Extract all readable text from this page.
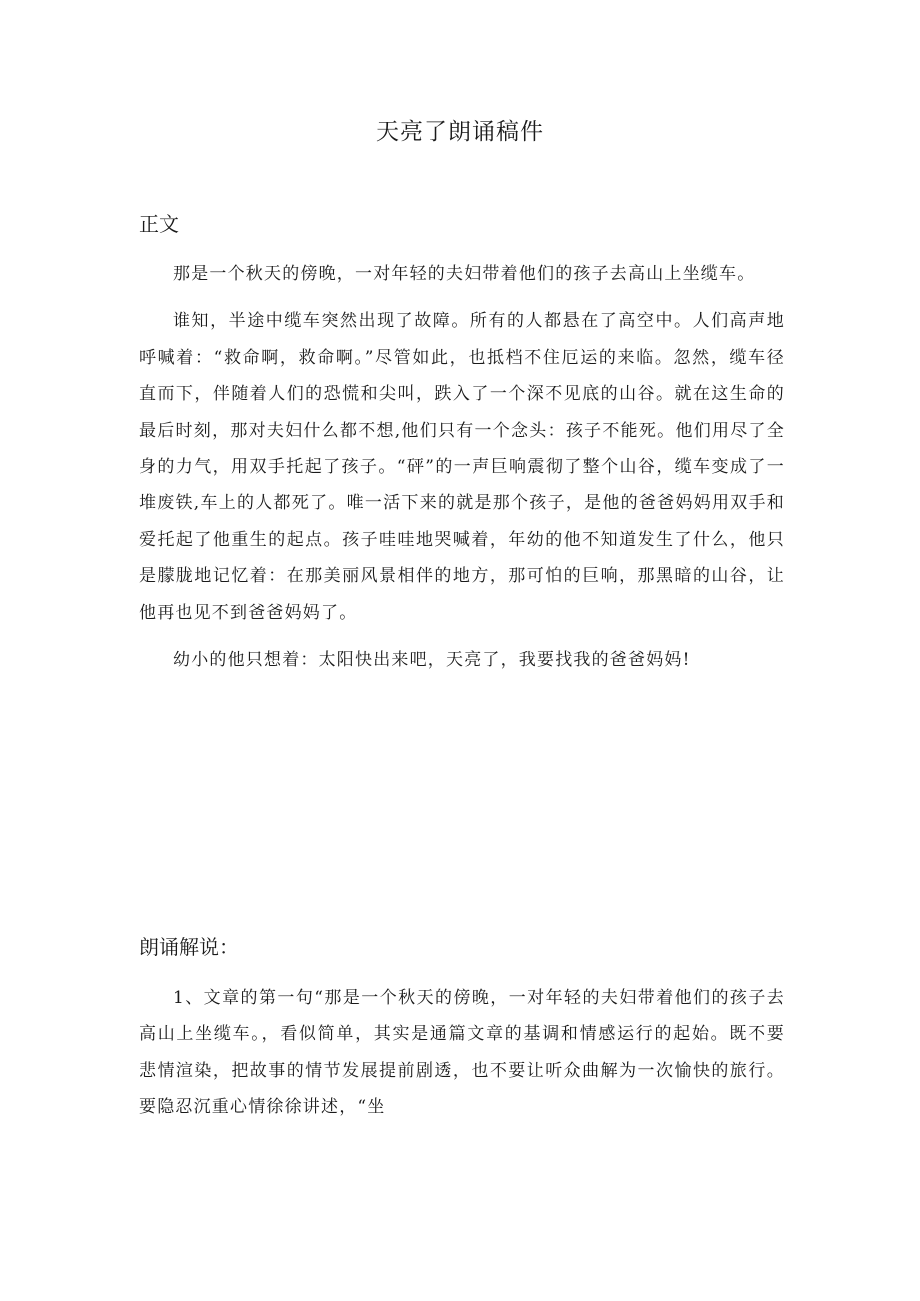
天亮了朗诵稿件
正文

那是一个秋天的傍晚，一对年轻的夫妇带着他们的孩子去高山上坐缆车。

谁知，半途中缆车突然出现了故障。所有的人都悬在了高空中。人们高声地呼喊着：“救命啊，救命啊。”尽管如此，也抵档不住厄运的来临。忽然，缆车径直而下，伴随着人们的恐慌和尖叫，跌入了一个深不见底的山谷。就在这生命的最后时刻，那对夫妇什么都不想,他们只有一个念头：孩子不能死。他们用尽了全身的力气，用双手托起了孩子。“砰”的一声巨响震彻了整个山谷，缆车变成了一堆废铁,车上的人都死了。唯一活下来的就是那个孩子，是他的爸爸妈妈用双手和爱托起了他重生的起点。孩子哇哇地哭喊着，年幼的他不知道发生了什么，他只是朦胧地记忆着：在那美丽风景相伴的地方，那可怕的巨响，那黑暗的山谷，让他再也见不到爸爸妈妈了。

幼小的他只想着：太阳快出来吧，天亮了，我要找我的爸爸妈妈!

朗诵解说：

1、文章的第一句“那是一个秋天的傍晚，一对年轻的夫妇带着他们的孩子去高山上坐缆车。，看似简单，其实是通篇文章的基调和情感运行的起始。既不要悲情渲染，把故事的情节发展提前剧透，也不要让听众曲解为一次愉快的旅行。要隐忍沉重心情徐徐讲述，“坐
